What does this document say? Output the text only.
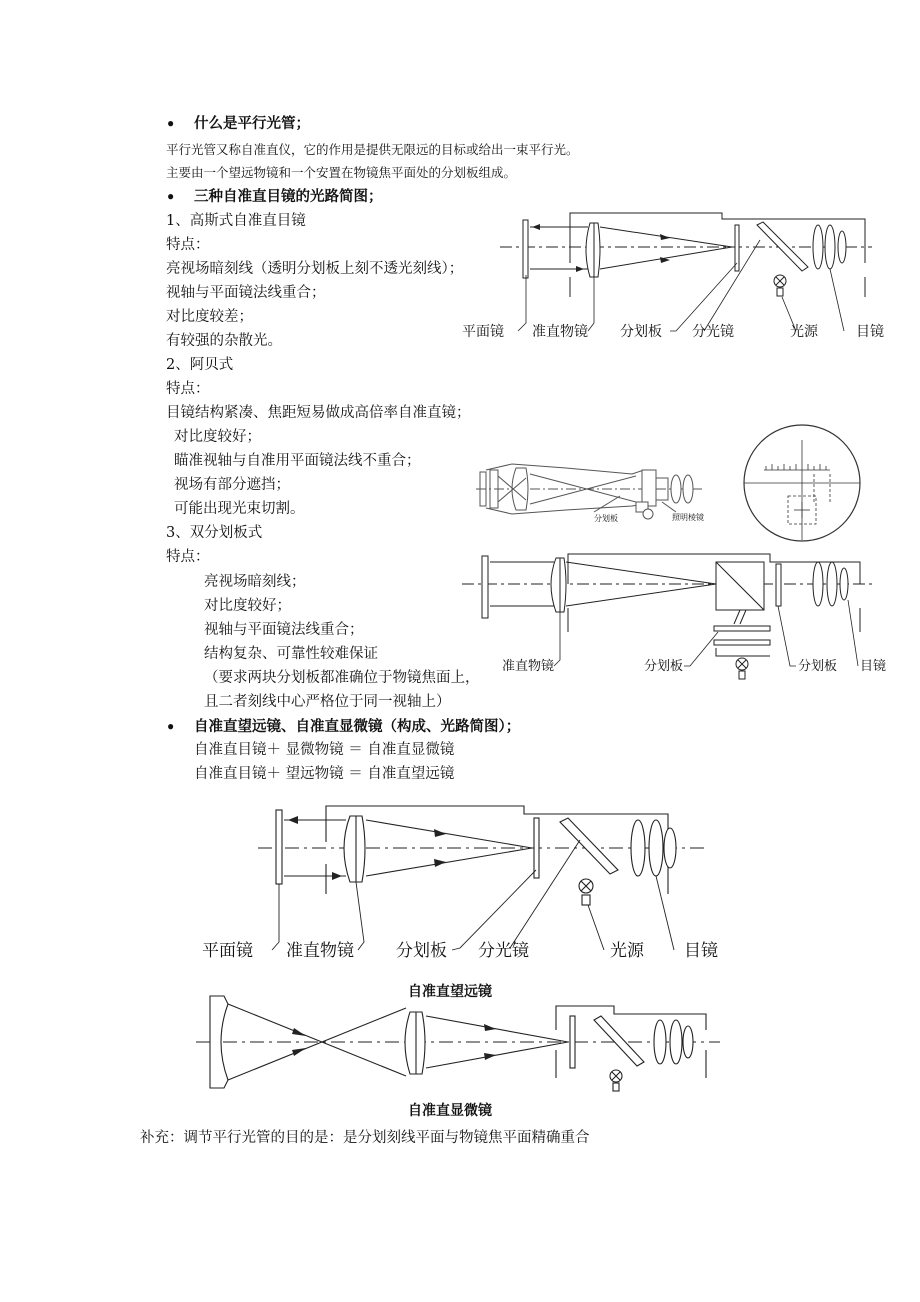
• 什么是平行光管；
平行光管又称自准直仪，它的作用是提供无限远的目标或给出一束平行光。
主要由一个望远物镜和一个安置在物镜焦平面处的分划板组成。
• 三种自准直目镜的光路简图；
1、高斯式自准直目镜
特点：
亮视场暗刻线（透明分划板上刻不透光刻线）；
视轴与平面镜法线重合；
对比度较差；
有较强的杂散光。
2、阿贝式
特点：
目镜结构紧凑、焦距短易做成高倍率自准直镜；
对比度较好；
瞄准视轴与自准用平面镜法线不重合；
视场有部分遮挡；
可能出现光束切割。
3、双分划板式
特点：
亮视场暗刻线；
对比度较好；
视轴与平面镜法线重合；
结构复杂、可靠性较难保证
（要求两块分划板都准确位于物镜焦面上，
且二者刻线中心严格位于同一视轴上）
• 自准直望远镜、自准直显微镜（构成、光路简图）；
自准直目镜＋ 显微物镜 ＝ 自准直显微镜
自准直目镜＋ 望远物镜 ＝ 自准直望远镜
平面镜 准直物镜 分划板 分光镜	光源	目镜
分划板	照明棱镜
准直物镜	分划板	分划板 目镜
平面镜 准直物镜 分划板 分光镜	光源 目镜
自准直望远镜
自准直显微镜
补充：调节平行光管的目的是：是分划刻线平面与物镜焦平面精确重合
